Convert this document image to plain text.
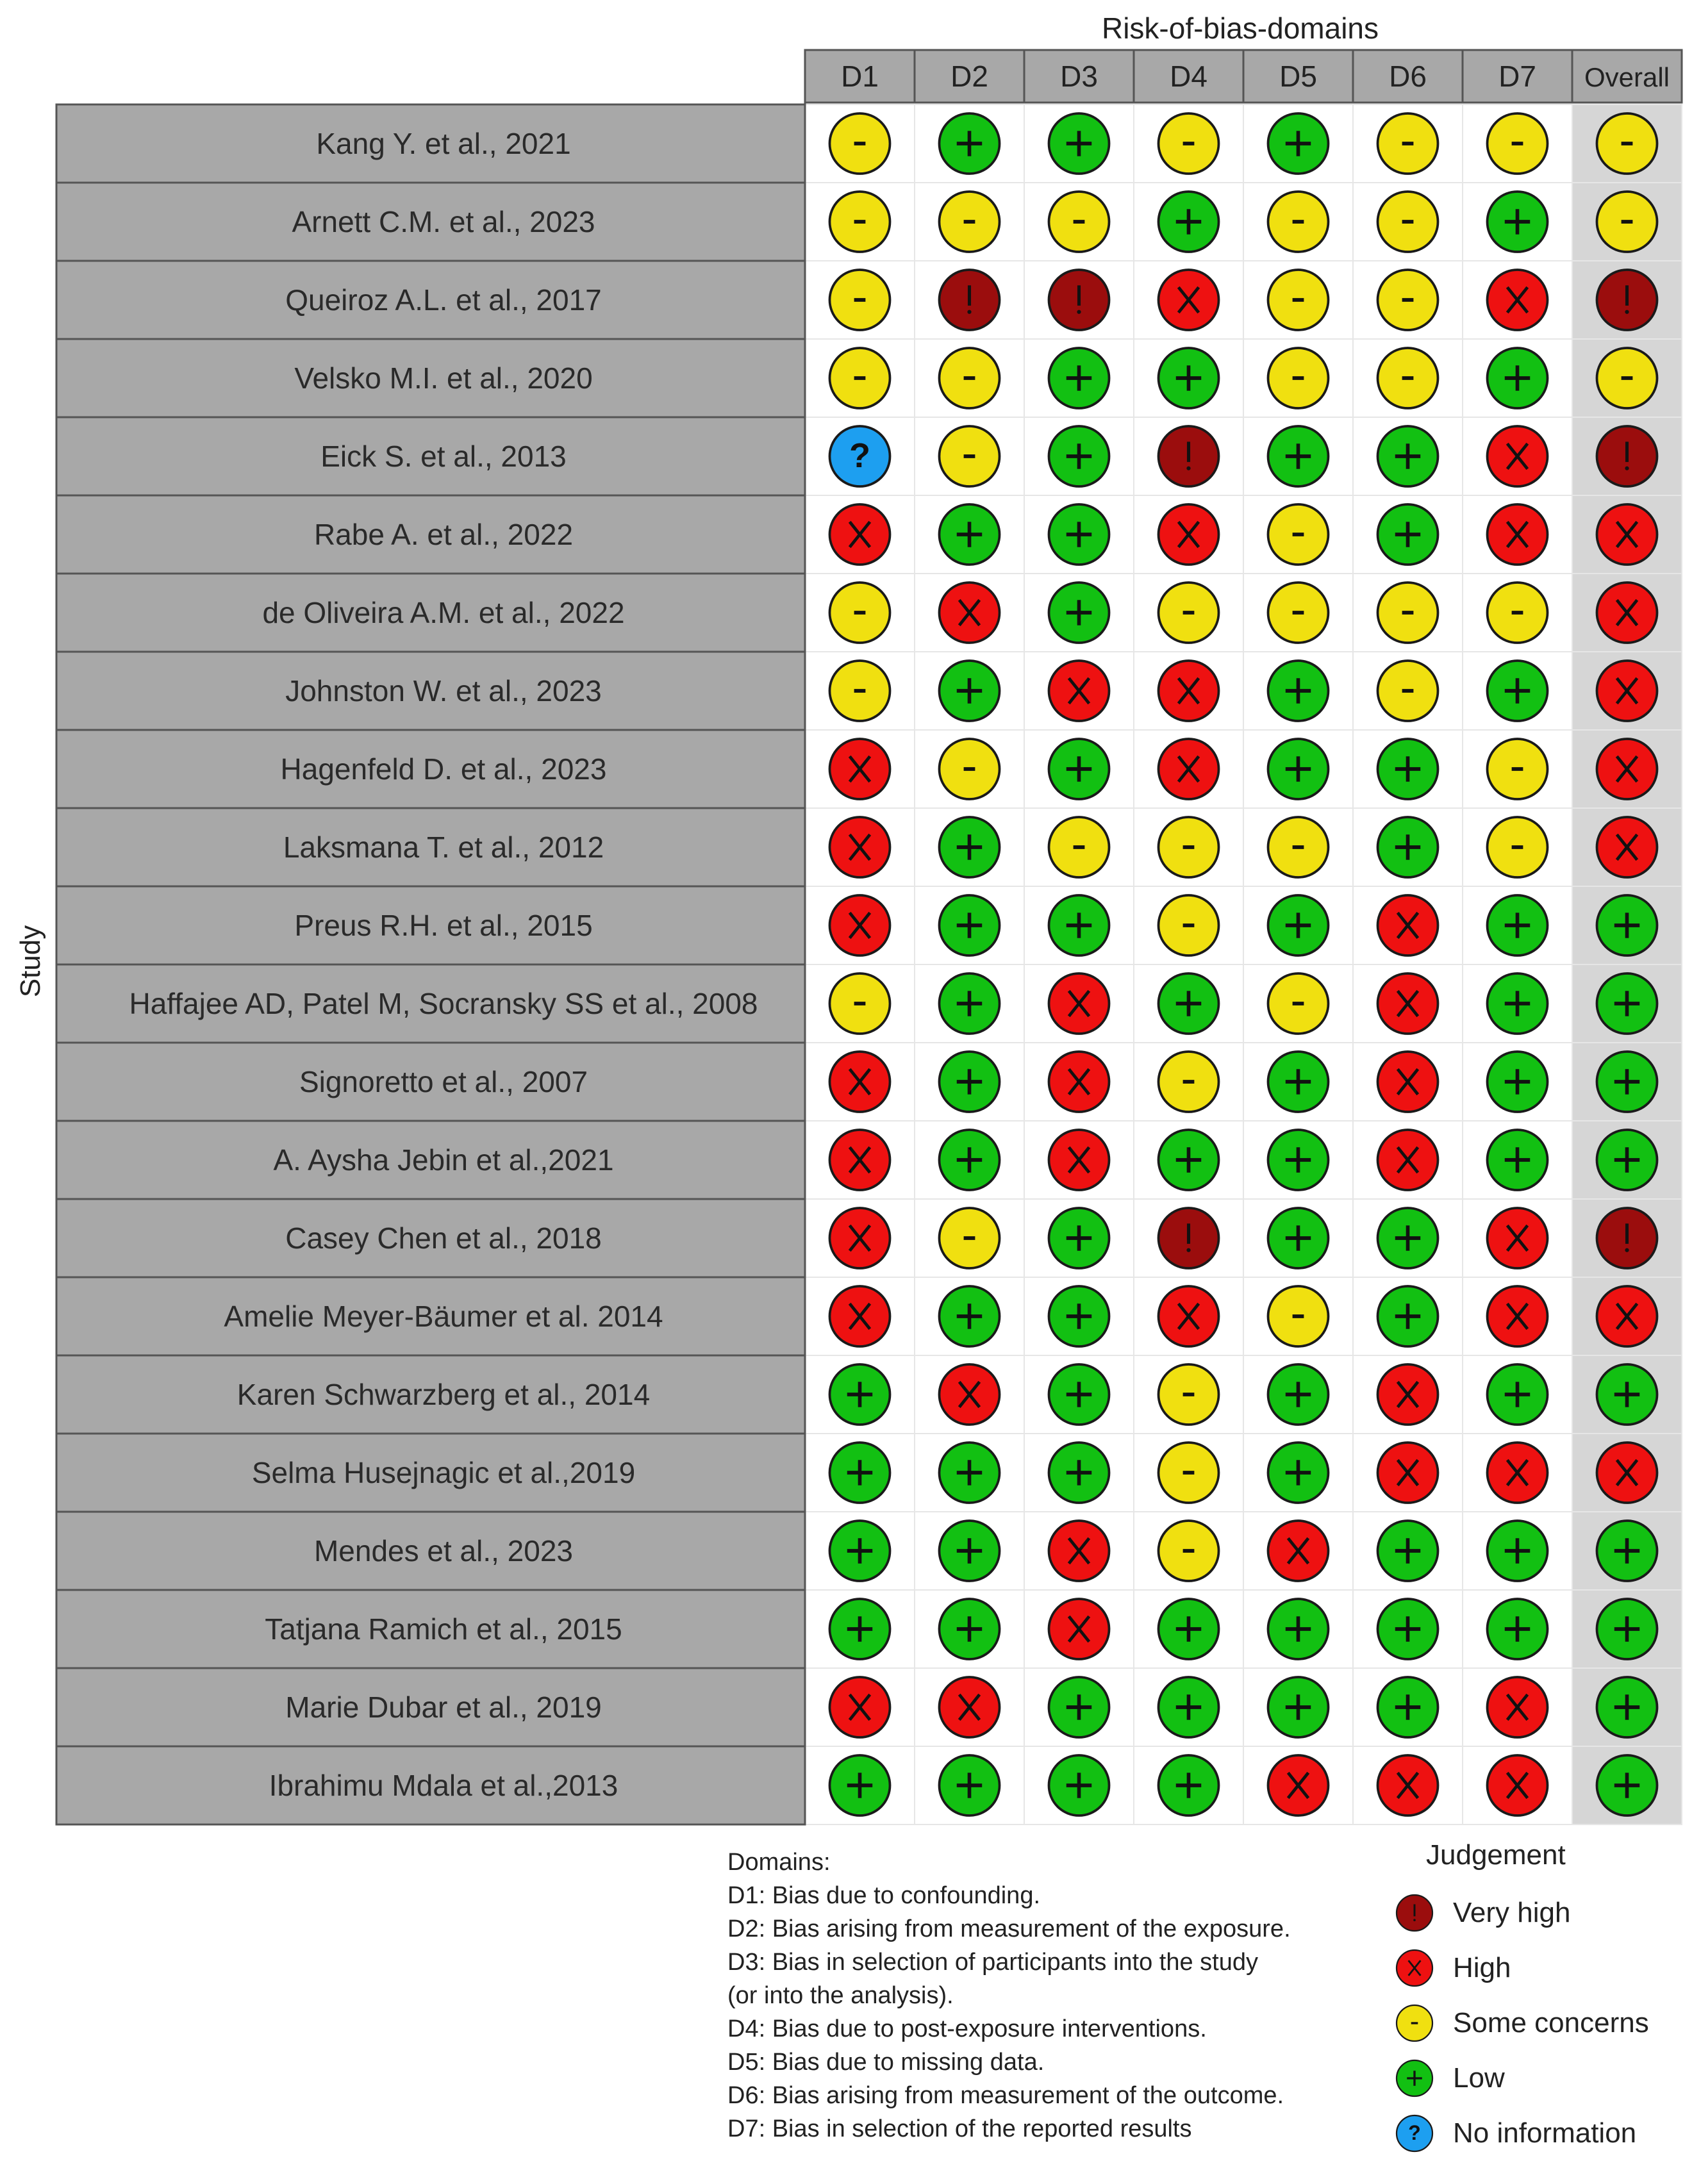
Risk-of-bias-domains
Study
D1 D2 D3 D4 D5 D6 D7 Overall
Kang Y. et al., 2021
Arnett C.M. et al., 2023
Queiroz A.L. et al., 2017
Velsko M.I. et al., 2020
Eick S. et al., 2013	?
Rabe A. et al., 2022
de Oliveira A.M. et al., 2022
Johnston W. et al., 2023
Hagenfeld D. et al., 2023
Laksmana T. et al., 2012
Preus R.H. et al., 2015
Haffajee AD, Patel M, Socransky SS et al., 2008
Signoretto et al., 2007
A. Aysha Jebin et al.,2021
Casey Chen et al., 2018
Amelie Meyer-Bäumer et al. 2014
Karen Schwarzberg et al., 2014
Selma Husejnagic et al.,2019
Mendes et al., 2023
Tatjana Ramich et al., 2015
Marie Dubar et al., 2019
Ibrahimu Mdala et al.,2013
Domains:
D1: Bias due to confounding.
D2: Bias arising from measurement of the exposure.
D3: Bias in selection of participants into the study
(or into the analysis).
D4: Bias due to post-exposure interventions.
D5: Bias due to missing data.
D6: Bias arising from measurement of the outcome.
D7: Bias in selection of the reported results
Judgement
Very high
High
Some concerns
Low
? No information
